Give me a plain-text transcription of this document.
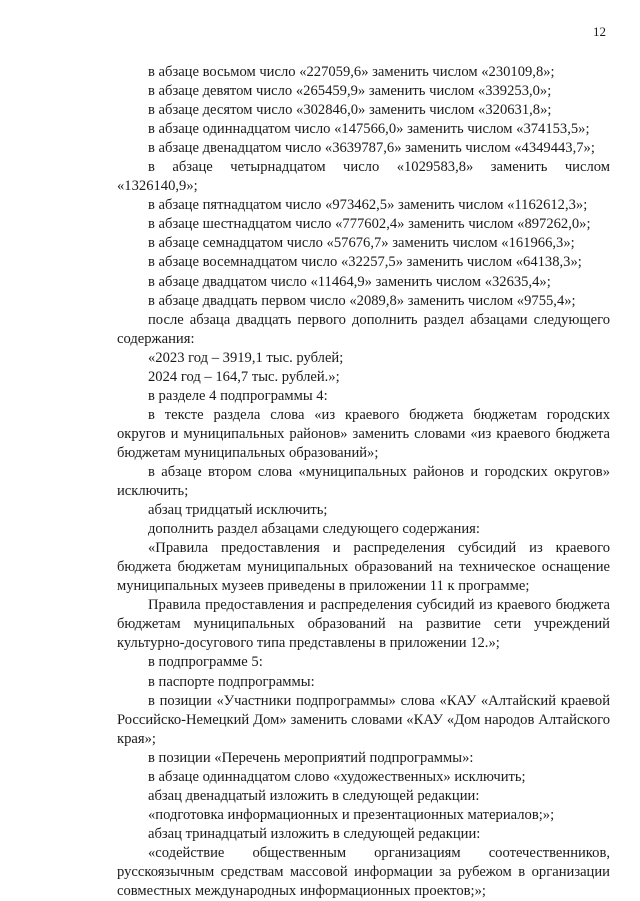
12

в абзаце восьмом число «227059,6» заменить числом «230109,8»;

в абзаце девятом число «265459,9» заменить числом «339253,0»;

в абзаце десятом число «302846,0» заменить числом «320631,8»;

в абзаце одиннадцатом число «147566,0» заменить числом «374153,5»;

в абзаце двенадцатом число «3639787,6» заменить числом «4349443,7»;

в абзаце четырнадцатом число «1029583,8» заменить числом «1326140,9»;

в абзаце пятнадцатом число «973462,5» заменить числом «1162612,3»;

в абзаце шестнадцатом число «777602,4» заменить числом «897262,0»;

в абзаце семнадцатом число «57676,7» заменить числом «161966,3»;

в абзаце восемнадцатом число «32257,5» заменить числом «64138,3»;

в абзаце двадцатом число «11464,9» заменить числом «32635,4»;

в абзаце двадцать первом число «2089,8» заменить числом «9755,4»;

после абзаца двадцать первого дополнить раздел абзацами следующего содержания:

«2023 год – 3919,1 тыс. рублей;

2024 год – 164,7 тыс. рублей.»;

в разделе 4 подпрограммы 4:

в тексте раздела слова «из краевого бюджета бюджетам городских округов и муниципальных районов» заменить словами «из краевого бюджета бюджетам муниципальных образований»;

в абзаце втором слова «муниципальных районов и городских округов» исключить;

абзац тридцатый исключить;

дополнить раздел абзацами следующего содержания:

«Правила предоставления и распределения субсидий из краевого бюджета бюджетам муниципальных образований на техническое оснащение муниципальных музеев приведены в приложении 11 к программе;

Правила предоставления и распределения субсидий из краевого бюджета бюджетам муниципальных образований на развитие сети учреждений культурно-досугового типа представлены в приложении 12.»;

в подпрограмме 5:

в паспорте подпрограммы:

в позиции «Участники подпрограммы» слова «КАУ «Алтайский краевой Российско-Немецкий Дом» заменить словами «КАУ «Дом народов Алтайского края»;

в позиции «Перечень мероприятий подпрограммы»:

в абзаце одиннадцатом слово «художественных» исключить;

абзац двенадцатый изложить в следующей редакции:

«подготовка информационных и презентационных материалов;»;

абзац тринадцатый изложить в следующей редакции:

«содействие общественным организациям соотечественников, русскоязычным средствам массовой информации за рубежом в организации совместных международных информационных проектов;»;
